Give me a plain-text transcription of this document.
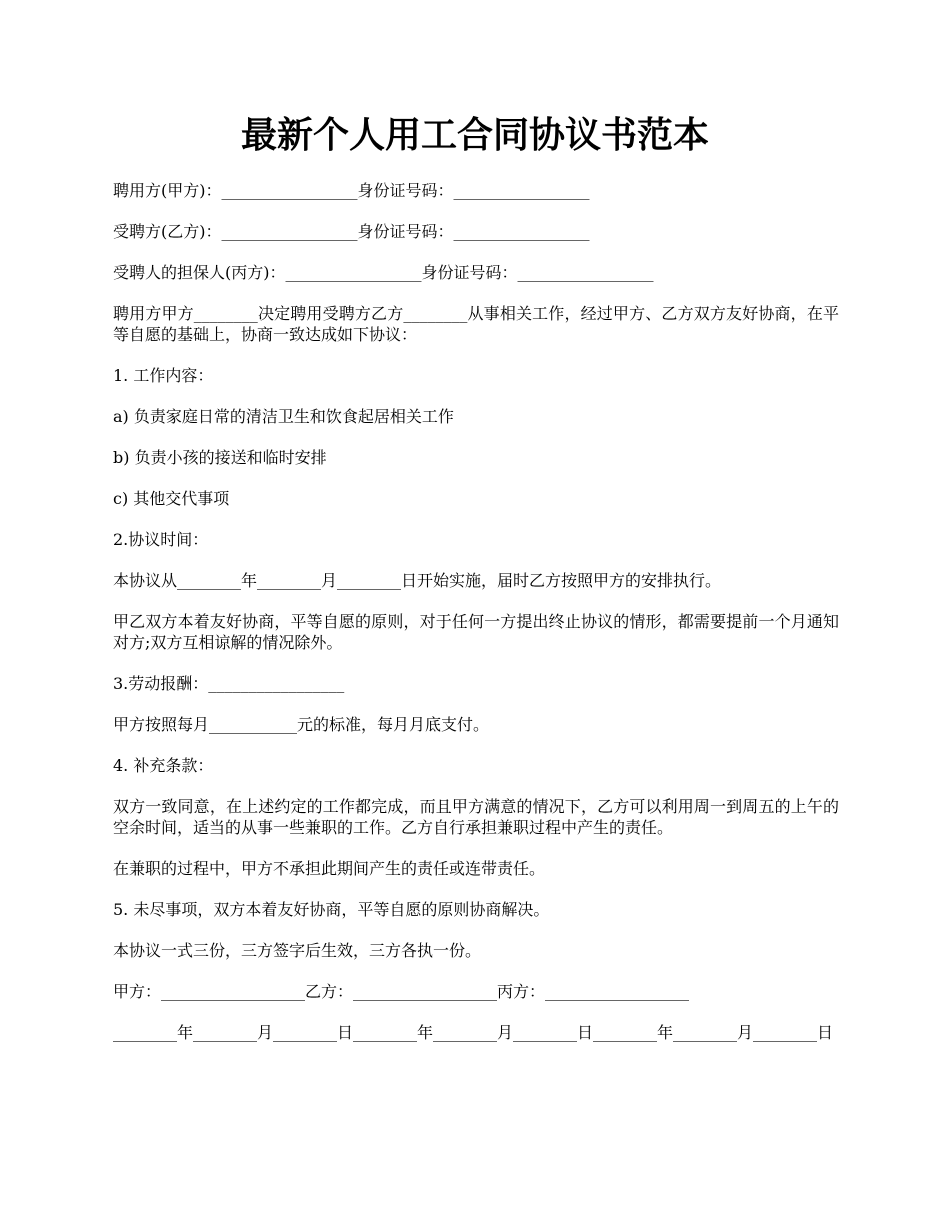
最新个人用工合同协议书范本

聘用方(甲方)：_________________身份证号码：_________________

受聘方(乙方)：_________________身份证号码：_________________

受聘人的担保人(丙方)：_________________身份证号码：_________________

聘用方甲方________决定聘用受聘方乙方________从事相关工作，经过甲方、乙方双方友好协商，在平等自愿的基础上，协商一致达成如下协议：

1. 工作内容：

a) 负责家庭日常的清洁卫生和饮食起居相关工作

b) 负责小孩的接送和临时安排

c) 其他交代事项

2.协议时间：

本协议从________年________月________日开始实施，届时乙方按照甲方的安排执行。

甲乙双方本着友好协商，平等自愿的原则，对于任何一方提出终止协议的情形，都需要提前一个月通知对方;双方互相谅解的情况除外。

3.劳动报酬：_________________

甲方按照每月___________元的标准，每月月底支付。

4. 补充条款：

双方一致同意，在上述约定的工作都完成，而且甲方满意的情况下，乙方可以利用周一到周五的上午的空余时间，适当的从事一些兼职的工作。乙方自行承担兼职过程中产生的责任。

在兼职的过程中，甲方不承担此期间产生的责任或连带责任。

5. 未尽事项，双方本着友好协商，平等自愿的原则协商解决。

本协议一式三份，三方签字后生效，三方各执一份。

甲方：__________________乙方：__________________丙方：__________________

________年________月________日________年________月________日________年________月________日
